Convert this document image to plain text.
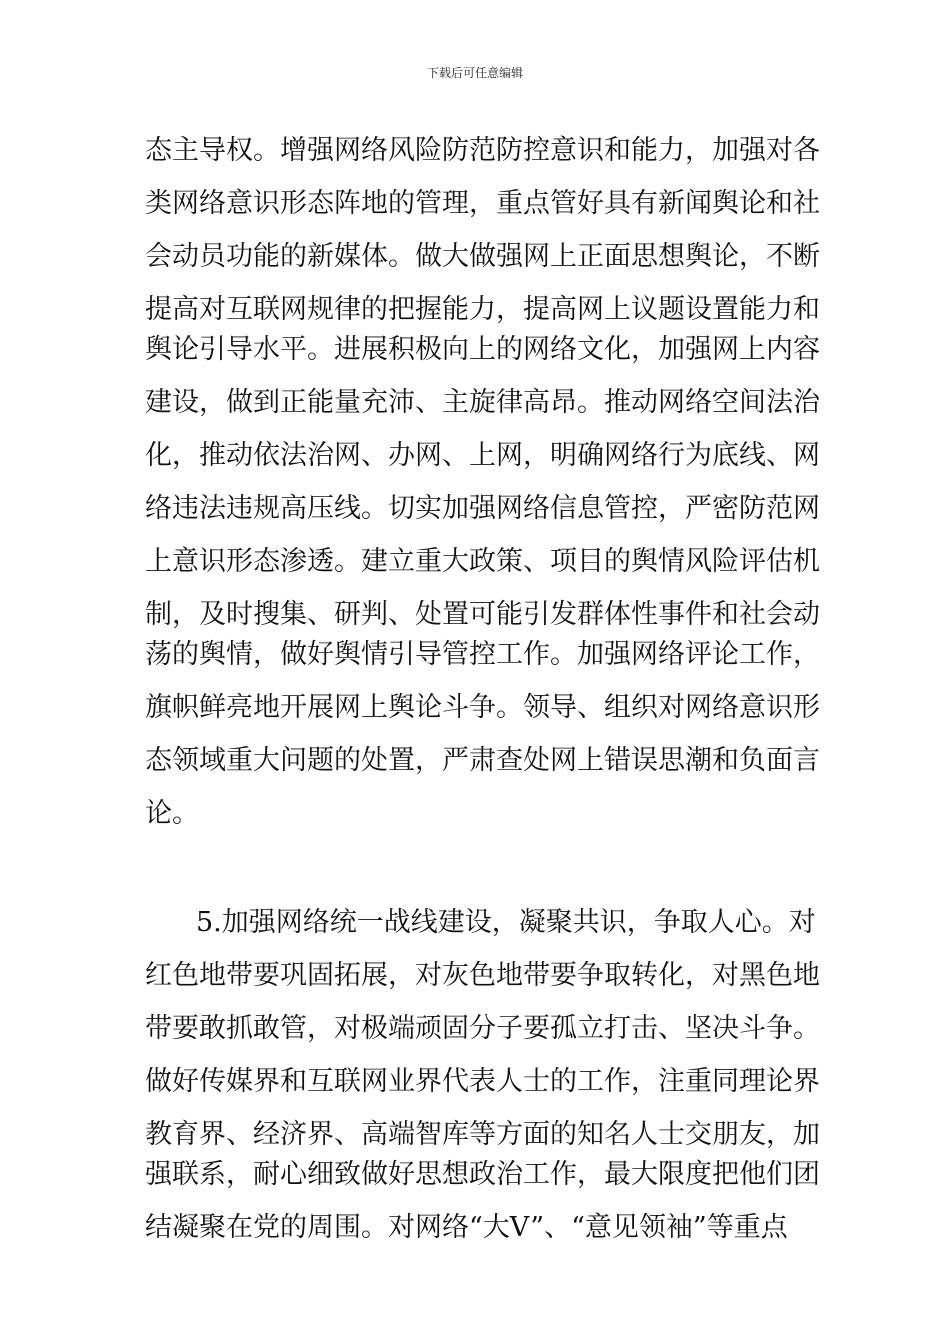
下载后可任意编辑
态主导权。增强网络风险防范防控意识和能力，加强对各
类网络意识形态阵地的管理，重点管好具有新闻舆论和社
会动员功能的新媒体。做大做强网上正面思想舆论，不断
提高对互联网规律的把握能力，提高网上议题设置能力和
舆论引导水平。进展积极向上的网络文化，加强网上内容
建设，做到正能量充沛、主旋律高昂。推动网络空间法治
化，推动依法治网、办网、上网，明确网络行为底线、网
络违法违规高压线。切实加强网络信息管控，严密防范网
上意识形态渗透。建立重大政策、项目的舆情风险评估机
制，及时搜集、研判、处置可能引发群体性事件和社会动
荡的舆情，做好舆情引导管控工作。加强网络评论工作，
旗帜鲜亮地开展网上舆论斗争。领导、组织对网络意识形
态领域重大问题的处置，严肃查处网上错误思潮和负面言
论。
5.加强网络统一战线建设，凝聚共识，争取人心。对
红色地带要巩固拓展，对灰色地带要争取转化，对黑色地
带要敢抓敢管，对极端顽固分子要孤立打击、坚决斗争。
做好传媒界和互联网业界代表人士的工作，注重同理论界
教育界、经济界、高端智库等方面的知名人士交朋友，加
强联系，耐心细致做好思想政治工作，最大限度把他们团
结凝聚在党的周围。对网络“大V”、“意见领袖”等重点
